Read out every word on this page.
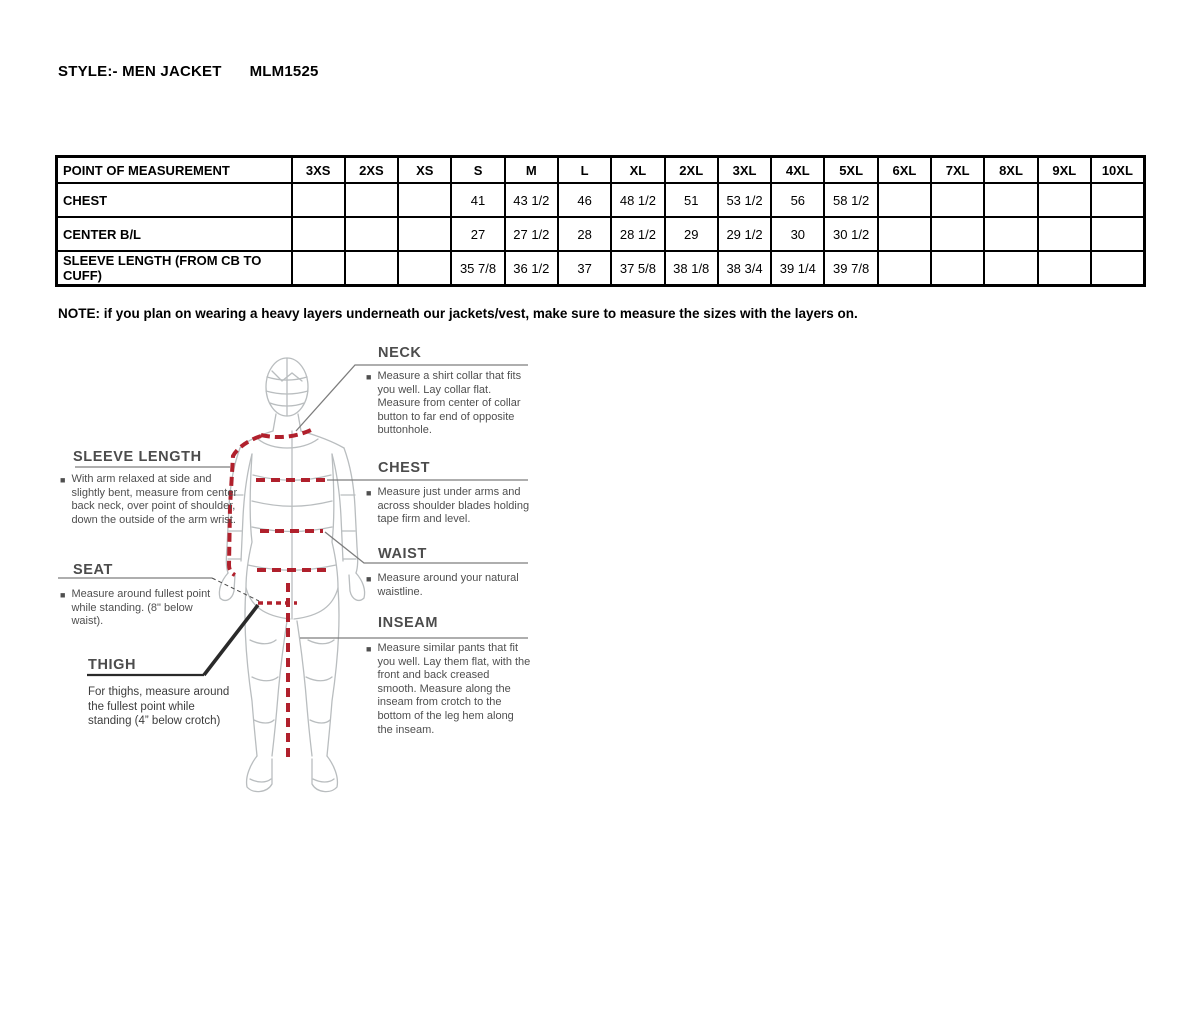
STYLE:- MEN JACKET MLM1525
POINT OF MEASUREMENT	3XS	2XS	XS	S	M	L	XL	2XL	3XL	4XL	5XL	6XL	7XL	8XL	9XL	10XL
CHEST				41	43 1/2	46	48 1/2	51	53 1/2	56	58 1/2					
CENTER B/L				27	27 1/2	28	28 1/2	29	29 1/2	30	30 1/2					
SLEEVE LENGTH (FROM CB TO CUFF)				35 7/8	36 1/2	37	37 5/8	38 1/8	38 3/4	39 1/4	39 7/8					
NOTE: if you plan on wearing a heavy layers underneath our jackets/vest, make sure to measure the sizes with the layers on.
NECK
■ Measure a shirt collar that fits you well. Lay collar flat. Measure from center of collar button to far end of opposite buttonhole.

CHEST
■ Measure just under arms and across shoulder blades holding tape firm and level.

WAIST
■ Measure around your natural waistline.

INSEAM
■ Measure similar pants that fit you well. Lay them flat, with the front and back creased smooth. Measure along the inseam from crotch to the bottom of the leg hem along the inseam.

SLEEVE LENGTH
■ With arm relaxed at side and slightly bent, measure from center back neck, over point of shoulder, down the outside of the arm wrist.

SEAT
■ Measure around fullest point while standing. (8" below waist).

THIGH

For thighs, measure around the fullest point while standing (4” below crotch)
